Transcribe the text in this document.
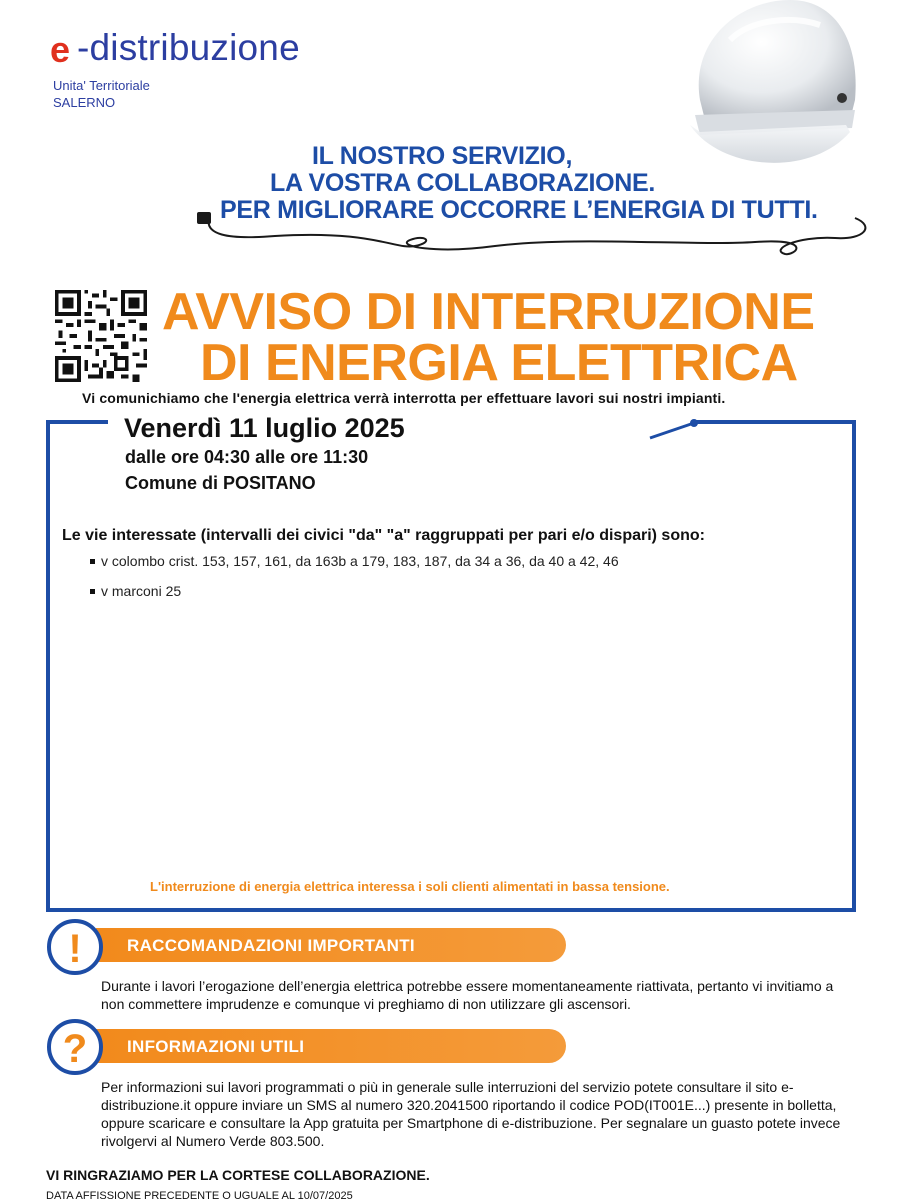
e -distribuzione
Unita' Territoriale
SALERNO
IL NOSTRO SERVIZIO,
LA VOSTRA COLLABORAZIONE.
PER MIGLIORARE OCCORRE L’ENERGIA DI TUTTI.
AVVISO DI INTERRUZIONE
DI ENERGIA ELETTRICA
Vi comunichiamo che l'energia elettrica verrà interrotta per effettuare lavori sui nostri impianti.
Venerdì 11 luglio 2025
dalle ore 04:30 alle ore 11:30
Comune di POSITANO
Le vie interessate (intervalli dei civici "da" "a" raggruppati per pari e/o dispari) sono:
v colombo crist. 153, 157, 161, da 163b a 179, 183, 187, da 34 a 36, da 40 a 42, 46
v marconi 25
L'interruzione di energia elettrica interessa i soli clienti alimentati in bassa tensione.
RACCOMANDAZIONI IMPORTANTI
!
Durante i lavori l’erogazione dell’energia elettrica potrebbe essere momentaneamente riattivata, pertanto vi invitiamo a non commettere imprudenze e comunque vi preghiamo di non utilizzare gli ascensori.
INFORMAZIONI UTILI
?
Per informazioni sui lavori programmati o più in generale sulle interruzioni del servizio potete consultare il sito e-distribuzione.it oppure inviare un SMS al numero 320.2041500 riportando il codice POD(IT001E...) presente in bolletta, oppure scaricare e consultare la App gratuita per Smartphone di e-distribuzione. Per segnalare un guasto potete invece rivolgervi al Numero Verde 803.500.
VI RINGRAZIAMO PER LA CORTESE COLLABORAZIONE.
DATA AFFISSIONE PRECEDENTE O UGUALE AL 10/07/2025
